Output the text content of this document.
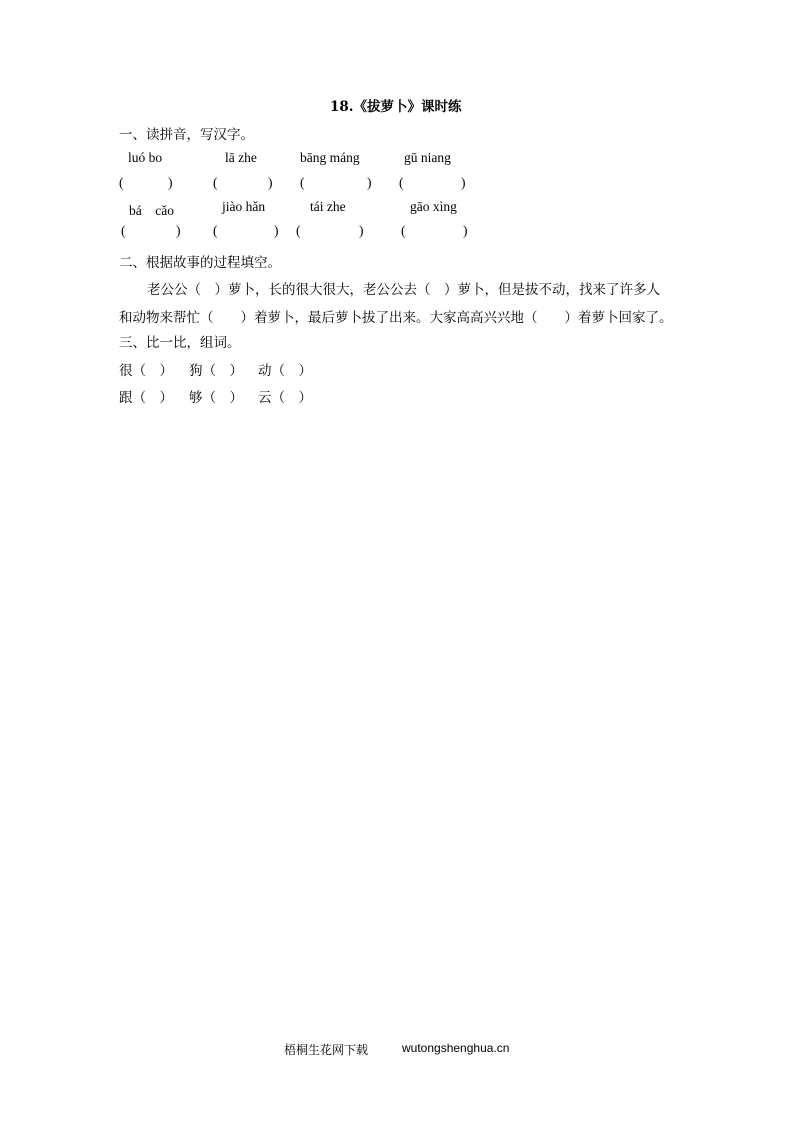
18.《拔萝卜》课时练
一、读拼音，写汉字。
luó bo	lā zhe	bāng máng	gū niang
(	)	(	) (	) (	)
bá　cǎo	jiào hǎn	tái zhe	gāo xìng
(	) (	) (	)	(	)
二、根据故事的过程填空。
老公公（　）萝卜，长的很大很大，老公公去（　）萝卜，但是拔不动，找来了许多人
和动物来帮忙（　　）着萝卜，最后萝卜拔了出来。大家高高兴兴地（　　）着萝卜回家了。
三、比一比，组词。
很（　） 狗（　） 动（　）
跟（　） 够（　） 云（　）
梧桐生花网下载	wutongshenghua.cn
